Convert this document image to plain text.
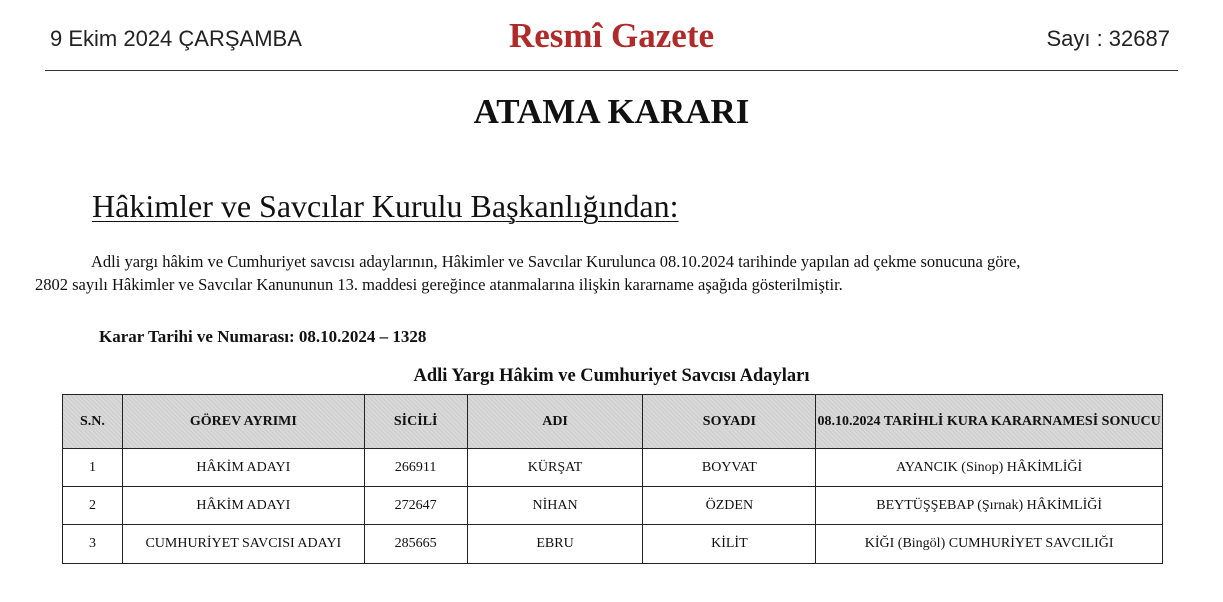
9 Ekim 2024 ÇARŞAMBA	Resmî Gazete	Sayı : 32687
ATAMA KARARI
Hâkimler ve Savcılar Kurulu Başkanlığından:
Adli yargı hâkim ve Cumhuriyet savcısı adaylarının, Hâkimler ve Savcılar Kurulunca 08.10.2024 tarihinde yapılan ad çekme sonucuna göre,
2802 sayılı Hâkimler ve Savcılar Kanununun 13. maddesi gereğince atanmalarına ilişkin kararname aşağıda gösterilmiştir.
Karar Tarihi ve Numarası: 08.10.2024 – 1328
Adli Yargı Hâkim ve Cumhuriyet Savcısı Adayları
S.N.	GÖREV AYRIMI	SİCİLİ	ADI	SOYADI	08.10.2024 TARİHLİ KURA KARARNAMESİ SONUCU
1	HÂKİM ADAYI	266911	KÜRŞAT	BOYVAT	AYANCIK (Sinop) HÂKİMLİĞİ
2	HÂKİM ADAYI	272647	NİHAN	ÖZDEN	BEYTÜŞŞEBAP (Şırnak) HÂKİMLİĞİ
3	CUMHURİYET SAVCISI ADAYI	285665	EBRU	KİLİT	KİĞI (Bingöl) CUMHURİYET SAVCILIĞI
